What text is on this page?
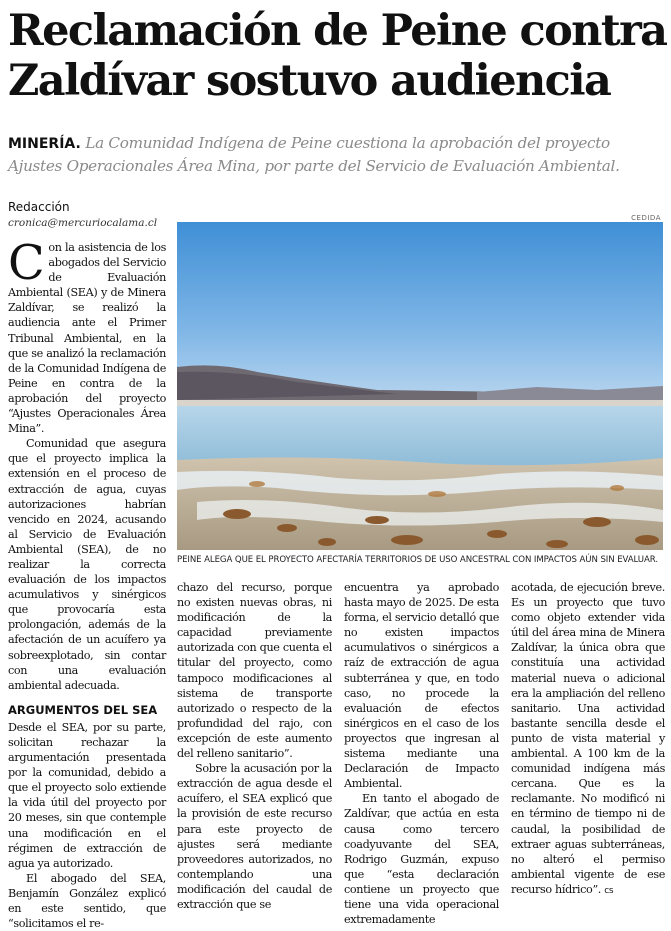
Reclamación de Peine contra Zaldívar sostuvo audiencia
MINERÍA. La Comunidad Indígena de Peine cuestiona la aprobación del proyecto Ajustes Operacionales Área Mina, por parte del Servicio de Evaluación Ambiental.
Redacción
cronica@mercuriocalama.cl	CEDIDA
PEINE ALEGA QUE EL PROYECTO AFECTARÍA TERRITORIOS DE USO ANCESTRAL CON IMPACTOS AÚN SIN EVALUAR.

Con la asistencia de los abogados del Servicio de Evaluación Ambiental (SEA) y de Minera Zaldívar, se realizó la audiencia ante el Primer Tribunal Ambiental, en la que se analizó la reclamación de la Comunidad Indígena de Peine en contra de la aprobación del proyecto “Ajustes Operacionales Área Mina”.

Comunidad que asegura que el proyecto implica la extensión en el proceso de extracción de agua, cuyas autorizaciones habrían vencido en 2024, acusando al Servicio de Evaluación Ambiental (SEA), de no realizar la correcta evaluación de los impactos acumulativos y sinérgicos que provocaría esta prolongación, además de la afectación de un acuífero ya sobreexplotado, sin contar con una evaluación ambiental adecuada.

ARGUMENTOS DEL SEA

Desde el SEA, por su parte, solicitan rechazar la argumentación presentada por la comunidad, debido a que el proyecto solo extiende la vida útil del proyecto por 20 meses, sin que contemple una modificación en el régimen de extracción de agua ya autorizado.

El abogado del SEA, Benjamín González explicó en este sentido, que “solicitamos el re-

chazo del recurso, porque no existen nuevas obras, ni modificación de la capacidad previamente autorizada con que cuenta el titular del proyecto, como tampoco modificaciones al sistema de transporte autorizado o respecto de la profundidad del rajo, con excepción de este aumento del relleno sanitario”.

Sobre la acusación por la extracción de agua desde el acuífero, el SEA explicó que la provisión de este recurso para este proyecto de ajustes será mediante proveedores autorizados, no contemplando una modificación del caudal de extracción que se

encuentra ya aprobado hasta mayo de 2025. De esta forma, el servicio detalló que no existen impactos acumulativos o sinérgicos a raíz de extracción de agua subterránea y que, en todo caso, no procede la evaluación de efectos sinérgicos en el caso de los proyectos que ingresan al sistema mediante una Declaración de Impacto Ambiental.

En tanto el abogado de Zaldívar, que actúa en esta causa como tercero coadyuvante del SEA, Rodrigo Guzmán, expuso que “esta declaración contiene un proyecto que tiene una vida operacional extremadamente

acotada, de ejecución breve. Es un proyecto que tuvo como objeto extender vida útil del área mina de Minera Zaldívar, la única obra que constituía una actividad material nueva o adicional era la ampliación del relleno sanitario. Una actividad bastante sencilla desde el punto de vista material y ambiental. A 100 km de la comunidad indígena más cercana. Que es la reclamante. No modificó ni en término de tiempo ni de caudal, la posibilidad de extraer aguas subterráneas, no alteró el permiso ambiental vigente de ese recurso hídrico”. cs
